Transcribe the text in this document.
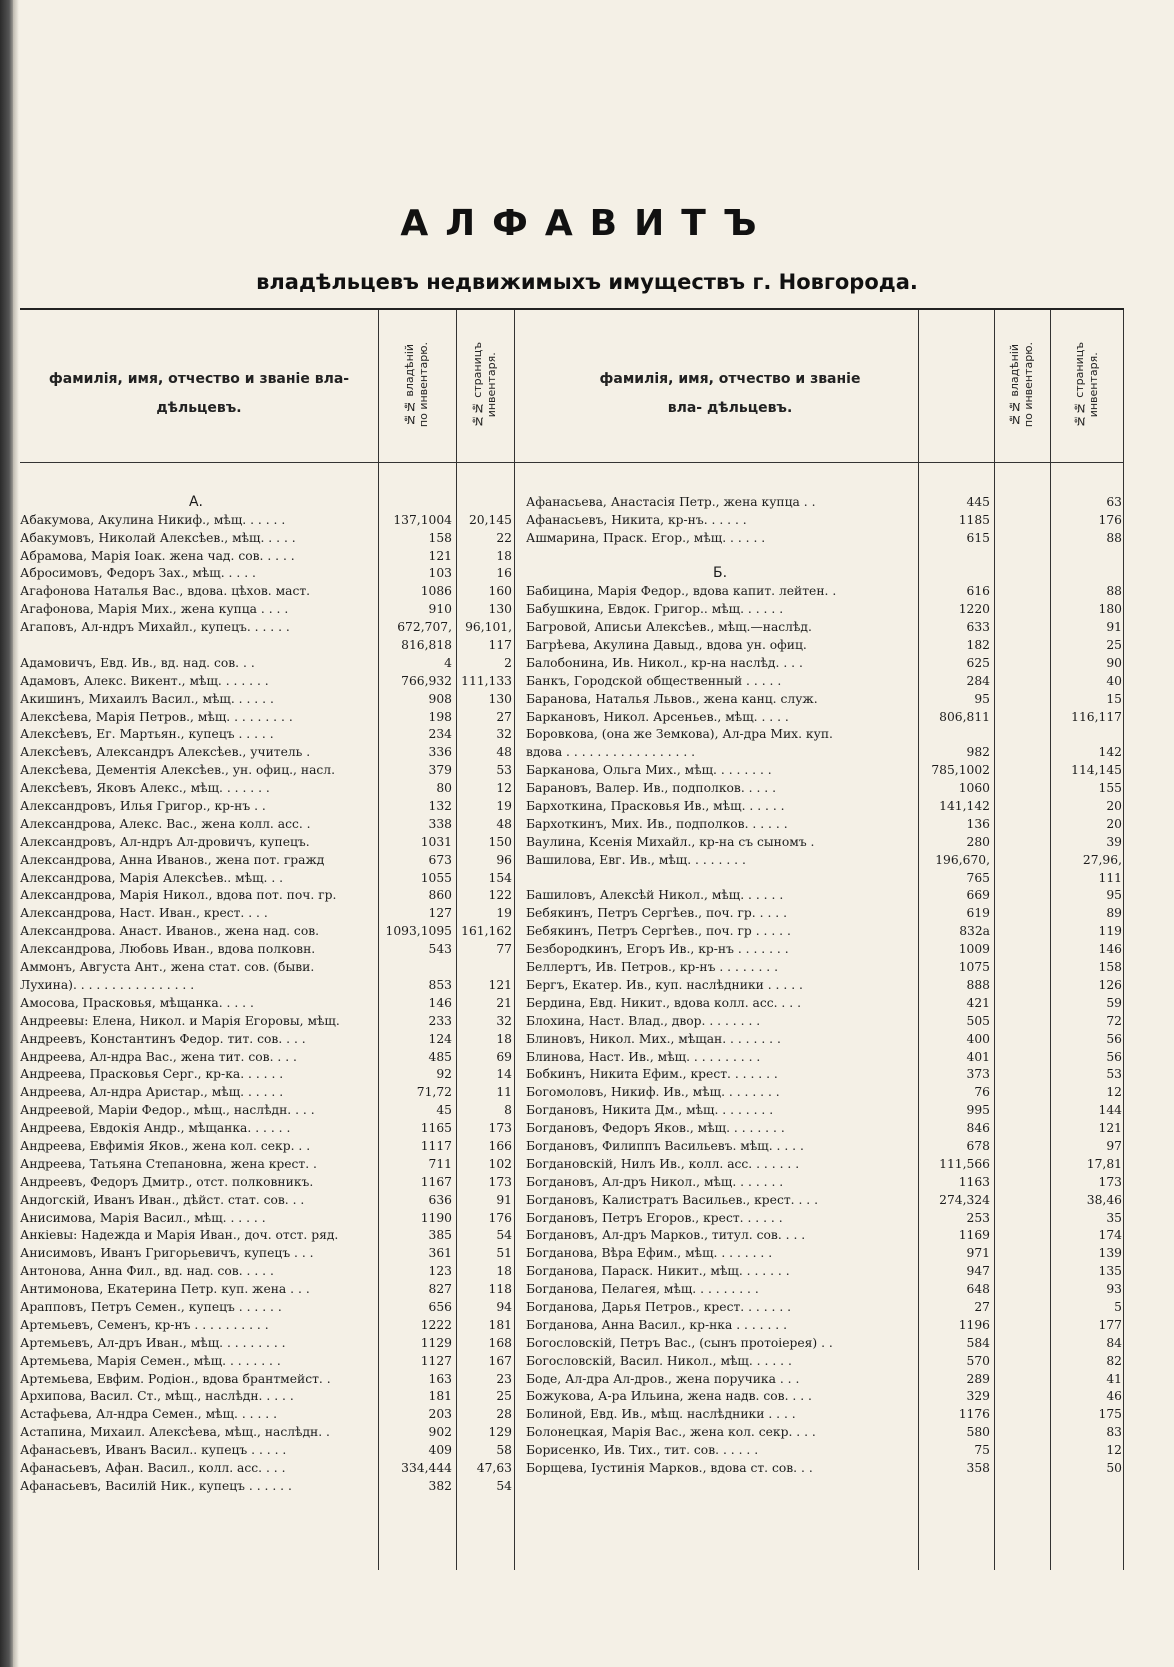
АЛФАВИТЪ
владѣльцевъ недвижимыхъ имуществъ г. Новгорода.
фамилія, имя, отчество и званіе вла- дѣльцевъ.	№№ владѣній
по инвентарю.
№№ страницъ
инвентаря.	фамилія, имя, отчество и званіе вла- дѣльцевъ.	№№ владѣній
по инвентарю.
№№ страницъ
инвентаря.
А.
Абакумова, Акулина Никиф., мѣщ. . . . . .	137,1004	20,145
Абакумовъ, Николай Алексѣев., мѣщ. . . . .	158	22
Абрамова, Марія Іоак. жена чад. сов. . . . .	121	18
Абросимовъ, Федоръ Зах., мѣщ. . . . .	103	16
Агафонова Наталья Вас., вдова. цѣхов. маст.	1086	160
Агафонова, Марія Мих., жена купца . . . .	910	130
Агаповъ, Ал-ндръ Михайл., купецъ. . . . . .	672,707,	96,101,
816,818	117
Адамовичъ, Евд. Ив., вд. над. сов. . .	4	2
Адамовъ, Алекс. Викент., мѣщ. . . . . . .	766,932 111,133
Акишинъ, Михаилъ Васил., мѣщ. . . . . .	908	130
Алексѣева, Марія Петров., мѣщ. . . . . . . . .	198	27
Алексѣевъ, Ег. Мартьян., купецъ . . . . .	234	32
Алексѣевъ, Александръ Алексѣев., учитель .	336	48
Алексѣева, Дементія Алексѣев., ун. офиц., насл.	379	53
Алексѣевъ, Яковъ Алекс., мѣщ. . . . . . .	80	12
Александровъ, Илья Григор., кр-нъ . .	132	19
Александрова, Алекс. Вас., жена колл. асс. .	338	48
Александровъ, Ал-ндръ Ал-дровичъ, купецъ.	1031	150
Александрова, Анна Иванов., жена пот. гражд	673	96
Александрова, Марія Алексѣев.. мѣщ. . .	1055	154
Александрова, Марія Никол., вдова пот. поч. гр.	860	122
Александрова, Наст. Иван., крест. . . .	127	19
Александрова. Анаст. Иванов., жена над. сов.	1093,1095 161,162
Александрова, Любовь Иван., вдова полковн.	543	77
Аммонъ, Августа Ант., жена стат. сов. (быви.
Лухина). . . . . . . . . . . . . . . .	853	121
Амосова, Прасковья, мѣщанка. . . . .	146	21
Андреевы: Елена, Никол. и Марія Егоровы, мѣщ.	233	32
Андреевъ, Константинъ Федор. тит. сов. . . .	124	18
Андреева, Ал-ндра Вас., жена тит. сов. . . .	485	69
Андреева, Прасковья Серг., кр-ка. . . . . .	92	14
Андреева, Ал-ндра Аристар., мѣщ. . . . . .	71,72	11
Андреевой, Маріи Федор., мѣщ., наслѣдн. . . .	45	8
Андреева, Евдокія Андр., мѣщанка. . . . . .	1165	173
Андреева, Евфимія Яков., жена кол. секр. . .	1117	166
Андреева, Татьяна Степановна, жена крест. .	711	102
Андреевъ, Федоръ Дмитр., отст. полковникъ.	1167	173
Андогскій, Иванъ Иван., дѣйст. стат. сов. . .	636	91
Анисимова, Марія Васил., мѣщ. . . . . .	1190	176
Анкіевы: Надежда и Марія Иван., доч. отст. ряд.	385	54
Анисимовъ, Иванъ Григорьевичъ, купецъ . . .	361	51
Антонова, Анна Фил., вд. над. сов. . . . .	123	18
Антимонова, Екатерина Петр. куп. жена . . .	827	118
Арапповъ, Петръ Семен., купецъ . . . . . .	656	94
Артемьевъ, Семенъ, кр-нъ . . . . . . . . . .	1222	181
Артемьевъ, Ал-дръ Иван., мѣщ. . . . . . . . .	1129	168
Артемьева, Марія Семен., мѣщ. . . . . . . .	1127	167
Артемьева, Евфим. Родіон., вдова брантмейст. .	163	23
Архипова, Васил. Ст., мѣщ., наслѣдн. . . . .	181	25
Астафьева, Ал-ндра Семен., мѣщ. . . . . .	203	28
Астапина, Михаил. Алексѣева, мѣщ., наслѣдн. .	902	129
Афанасьевъ, Иванъ Васил.. купецъ . . . . .	409	58
Афанасьевъ, Афан. Васил., колл. асс. . . .	334,444	47,63
Афанасьевъ, Василій Ник., купецъ . . . . . .	382	54
Афанасьева, Анастасія Петр., жена купца . .	445	63
Афанасьевъ, Никита, кр-нъ. . . . . .	1185	176
Ашмарина, Праск. Егор., мѣщ. . . . . .	615	88
Б.
Бабицина, Марія Федор., вдова капит. лейтен. .	616	88
Бабушкина, Евдок. Григор.. мѣщ. . . . . .	1220	180
Багровой, Аписьи Алексѣев., мѣщ.—наслѣд.	633	91
Багрѣева, Акулина Давыд., вдова ун. офиц.	182	25
Балобонина, Ив. Никол., кр-на наслѣд. . . .	625	90
Банкъ, Городской общественный . . . . .	284	40
Баранова, Наталья Львов., жена канц. служ.	95	15
Баркановъ, Никол. Арсеньев., мѣщ. . . . .	806,811	116,117
Боровкова, (она же Земкова), Ал-дра Мих. куп.
вдова . . . . . . . . . . . . . . . . .	982	142
Барканова, Ольга Мих., мѣщ. . . . . . . .	785,1002	114,145
Барановъ, Валер. Ив., подполков. . . . .	1060	155
Бархоткина, Прасковья Ив., мѣщ. . . . . .	141,142	20
Бархоткинъ, Мих. Ив., подполков. . . . . .	136	20
Ваулина, Ксенія Михайл., кр-на съ сыномъ .	280	39
Вашилова, Евг. Ив., мѣщ. . . . . . . .	196,670,	27,96,
765	111
Башиловъ, Алексѣй Никол., мѣщ. . . . . .	669	95
Бебякинъ, Петръ Сергѣев., поч. гр. . . . .	619	89
Бебякинъ, Петръ Сергѣев., поч. гр . . . . .	832а	119
Безбородкинъ, Егоръ Ив., кр-нъ . . . . . . .	1009	146
Беллертъ, Ив. Петров., кр-нъ . . . . . . . .	1075	158
Бергъ, Екатер. Ив., куп. наслѣдники . . . . .	888	126
Бердина, Евд. Никит., вдова колл. асс. . . .	421	59
Блохина, Наст. Влад., двор. . . . . . . .	505	72
Блиновъ, Никол. Мих., мѣщан. . . . . . . .	400	56
Блинова, Наст. Ив., мѣщ. . . . . . . . . .	401	56
Бобкинъ, Никита Ефим., крест. . . . . . .	373	53
Богомоловъ, Никиф. Ив., мѣщ. . . . . . . .	76	12
Богдановъ, Никита Дм., мѣщ. . . . . . . .	995	144
Богдановъ, Федоръ Яков., мѣщ. . . . . . . .	846	121
Богдановъ, Филиппъ Васильевъ. мѣщ. . . . .	678	97
Богдановскій, Нилъ Ив., колл. асс. . . . . . .	111,566	17,81
Богдановъ, Ал-дръ Никол., мѣщ. . . . . . .	1163	173
Богдановъ, Калистратъ Васильев., крест. . . .	274,324	38,46
Богдановъ, Петръ Егоров., крест. . . . . .	253	35
Богдановъ, Ал-дръ Марков., титул. сов. . . .	1169	174
Богданова, Вѣра Ефим., мѣщ. . . . . . . .	971	139
Богданова, Параск. Никит., мѣщ. . . . . . .	947	135
Богданова, Пелагея, мѣщ. . . . . . . . .	648	93
Богданова, Дарья Петров., крест. . . . . . .	27	5
Богданова, Анна Васил., кр-нка . . . . . . .	1196	177
Богословскій, Петръ Вас., (сынъ протоіерея) . .	584	84
Богословскій, Васил. Никол., мѣщ. . . . . .	570	82
Боде, Ал-дра Ал-дров., жена поручика . . .	289	41
Божукова, А-ра Ильина, жена надв. сов. . . .	329	46
Болиной, Евд. Ив., мѣщ. наслѣдники . . . .	1176	175
Болонецкая, Марія Вас., жена кол. секр. . . .	580	83
Борисенко, Ив. Тих., тит. сов. . . . . .	75	12
Борщева, Іустинія Марков., вдова ст. сов. . .	358	50
